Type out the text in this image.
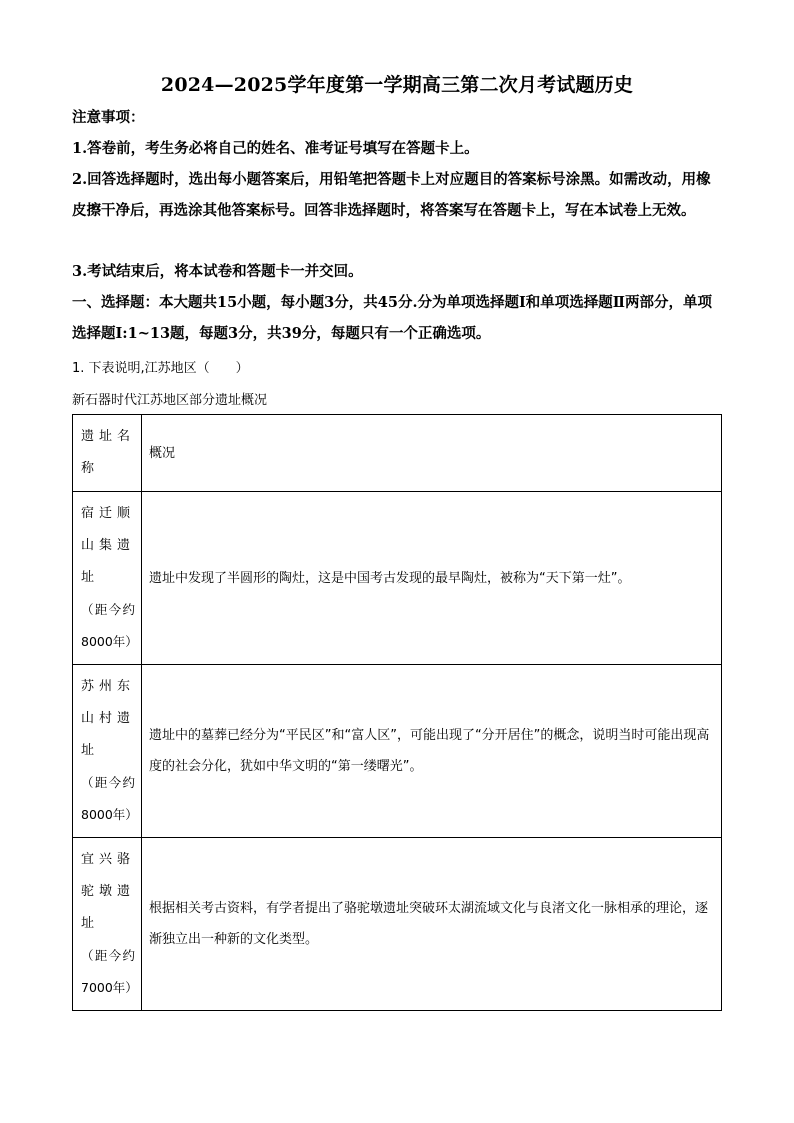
2024—2025学年度第一学期高三第二次月考试题历史
注意事项：
1.答卷前，考生务必将自己的姓名、准考证号填写在答题卡上。
2.回答选择题时，选出每小题答案后，用铅笔把答题卡上对应题目的答案标号涂黑。如需改动，用橡皮擦干净后，再选涂其他答案标号。回答非选择题时，将答案写在答题卡上，写在本试卷上无效。
3.考试结束后，将本试卷和答题卡一并交回。
一、选择题：本大题共15小题，每小题3分，共45分.分为单项选择题Ⅰ和单项选择题Ⅱ两部分，单项选择题Ⅰ:1~13题，每题3分，共39分，每题只有一个正确选项。
1. 下表说明,江苏地区（　　）
新石器时代江苏地区部分遗址概况
遗址名称	概况

宿迁顺山集遗址
（距今约8000年）	遗址中发现了半圆形的陶灶，这是中国考古发现的最早陶灶，被称为“天下第一灶”。

苏州东山村遗址
（距今约8000年）	遗址中的墓葬已经分为“平民区”和“富人区”，可能出现了“分开居住”的概念，说明当时可能出现高度的社会分化，犹如中华文明的“第一缕曙光”。

宜兴骆驼墩遗址
（距今约7000年）	根据相关考古资料，有学者提出了骆驼墩遗址突破环太湖流域文化与良渚文化一脉相承的理论，逐渐独立出一种新的文化类型。
